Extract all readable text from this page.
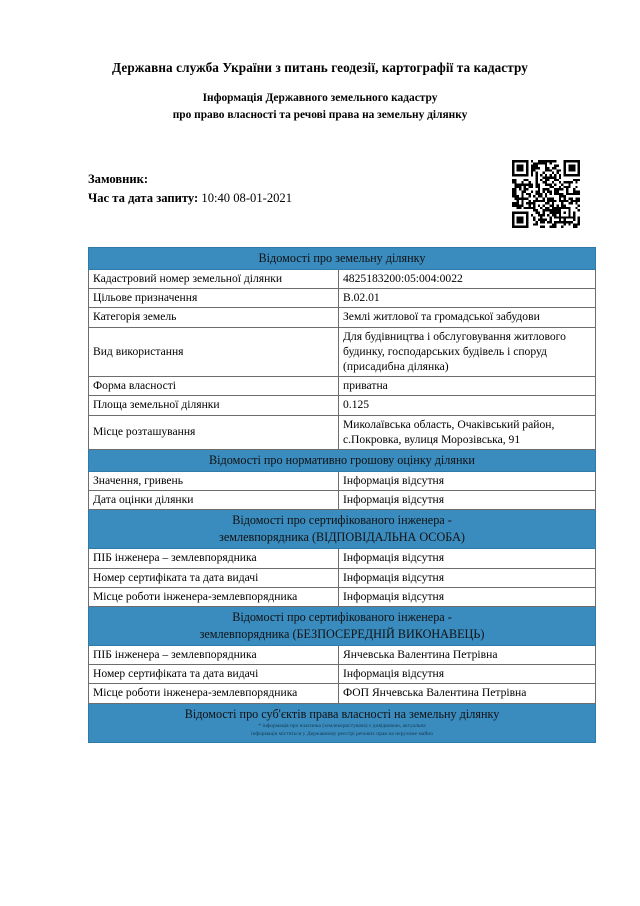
Державна служба України з питань геодезії, картографії та кадастру
Інформація Державного земельного кадастру
про право власності та речові права на земельну ділянку
Замовник:
Час та дата запиту: 10:40 08-01-2021
Відомості про земельну ділянку	
Кадастровий номер земельної ділянки	4825183200:05:004:0022
Цільове призначення	B.02.01
Категорія земель	Землі житлової та громадської забудови
Вид використання	Для будівництва і обслуговування житлового будинку, господарських будівель і споруд (присадибна ділянка)
Форма власності	приватна
Площа земельної ділянки	0.125
Місце розташування	Миколаївська область, Очаківський район, с.Покровка, вулиця Морозівська, 91
Відомості про нормативно грошову оцінку ділянки	
Значення, гривень	Інформація відсутня
Дата оцінки ділянки	Інформація відсутня

Відомості про сертифікованого інженера -
землевпорядника (ВІДПОВІДАЛЬНА ОСОБА)	

ПІБ інженера – землевпорядника	Інформація відсутня
Номер сертифіката та дата видачі	Інформація відсутня
Місце роботи інженера-землевпорядника	Інформація відсутня

Відомості про сертифікованого інженера -
землевпорядника (БЕЗПОСЕРЕДНІЙ ВИКОНАВЕЦЬ)	

ПІБ інженера – землевпорядника	Янчевська Валентина Петрівна
Номер сертифіката та дата видачі	Інформація відсутня
Місце роботи інженера-землевпорядника	ФОП Янчевська Валентина Петрівна

Відомості про суб'єктів права власності на земельну ділянку
* інформація про власника (землекористувача) є довідковою, актуальна
інформація міститься у Державному реєстрі речових прав на нерухоме майно	
